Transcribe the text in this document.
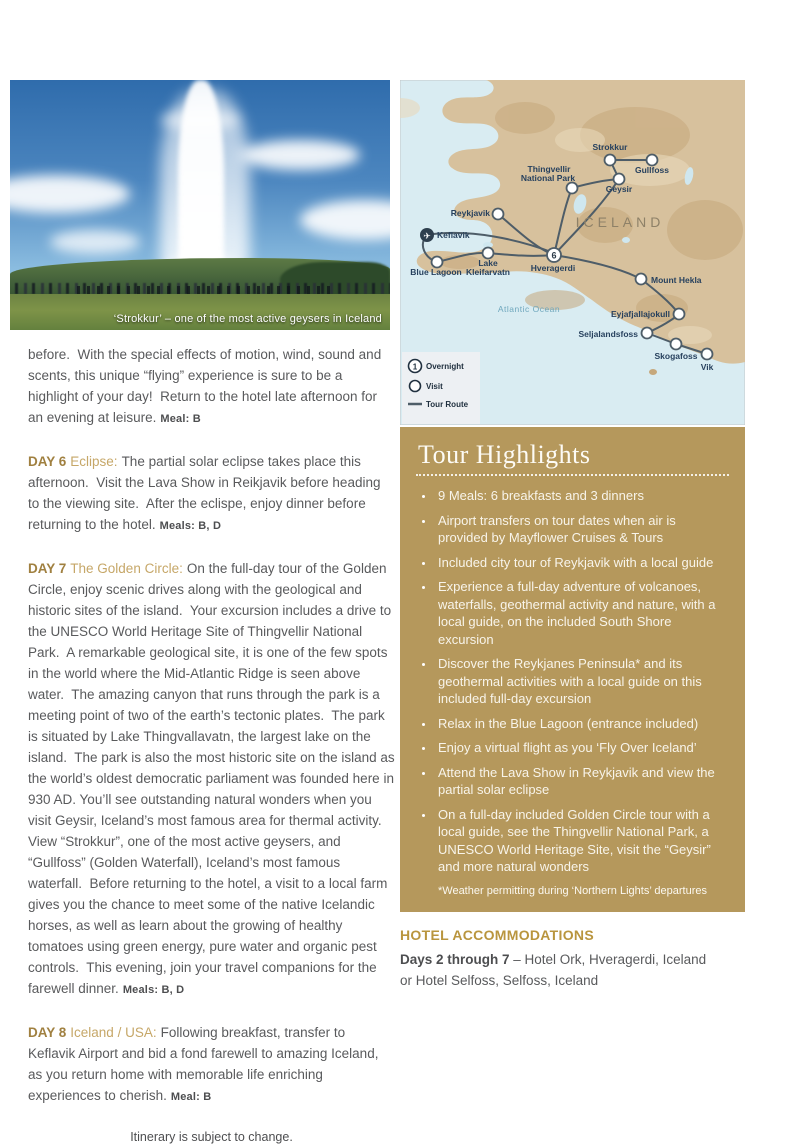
‘Strokkur’ – one of the most active geysers in Iceland
6
✈
Strokkur
Gullfoss
Geysir
Thingvellir
National Park
Reykjavik
Keflavik
ICELAND
Atlantic Ocean
Blue Lagoon
Lake
Kleifarvatn Hveragerdi
Mount Hekla
Eyjafjallajokull
Seljalandsfoss
Skogafoss
Vik
1 Overnight
Visit
Tour Route

before.  With the special effects of motion, wind, sound and scents, this unique “flying” experience is sure to be a highlight of your day!  Return to the hotel late afternoon for an evening at leisure. Meal: B

DAY 6 Eclipse: The partial solar eclipse takes place this afternoon.  Visit the Lava Show in Reikjavik before heading to the viewing site.  After the eclispe, enjoy dinner before returning to the hotel. Meals: B, D

DAY 7 The Golden Circle: On the full-day tour of the Golden Circle, enjoy scenic drives along with the geological and historic sites of the island.  Your excursion includes a drive to the UNESCO World Heritage Site of Thingvellir National Park.  A remarkable geological site, it is one of the few spots in the world where the Mid-Atlantic Ridge is seen above water.  The amazing canyon that runs through the park is a meeting point of two of the earth’s tectonic plates.  The park is situated by Lake Thingvallavatn, the largest lake on the island.  The park is also the most historic site on the island as the world’s oldest democratic parliament was founded here in 930 AD. You’ll see outstanding natural wonders when you visit Geysir, Iceland’s most famous area for thermal activity.  View “Strokkur”, one of the most active geysers, and “Gullfoss” (Golden Waterfall), Iceland’s most famous waterfall.  Before returning to the hotel, a visit to a local farm gives you the chance to meet some of the native Icelandic horses, as well as learn about the growing of healthy tomatoes using green energy, pure water and organic pest controls.  This evening, join your travel companions for the farewell dinner. Meals: B, D

DAY 8 Iceland / USA: Following breakfast, transfer to Keflavik Airport and bid a fond farewell to amazing Iceland, as you return home with memorable life enriching experiences to cherish. Meal: B

Itinerary is subject to change.
Tour Highlights
• 9 Meals: 6 breakfasts and 3 dinners
• Airport transfers on tour dates when air is provided by Mayflower Cruises & Tours
• Included city tour of Reykjavik with a local guide
• Experience a full-day adventure of volcanoes, waterfalls, geothermal activity and nature, with a local guide, on the included South Shore excursion
• Discover the Reykjanes Peninsula* and its geothermal activities with a local guide on this included full-day excursion
• Relax in the Blue Lagoon (entrance included)
• Enjoy a virtual flight as you ‘Fly Over Iceland’
• Attend the Lava Show in Reykjavik and view the partial solar eclipse
• On a full-day included Golden Circle tour with a local guide, see the Thingvellir National Park, a UNESCO World Heritage Site, visit the “Geysir” and more natural wonders
*Weather permitting during ‘Northern Lights’ departures
HOTEL ACCOMMODATIONS
Days 2 through 7 – Hotel Ork, Hveragerdi, Iceland
or Hotel Selfoss, Selfoss, Iceland
